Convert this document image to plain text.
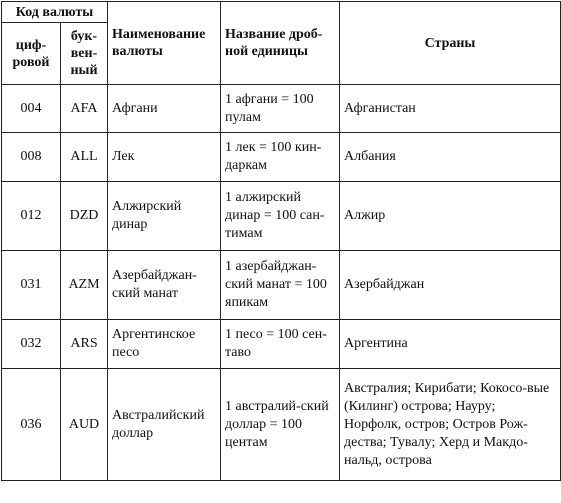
Код валюты		Наименование валюты	Название дроб-ной единицы	Страны
циф-ровой	бук-вен-ный			
004	AFA	Афгани	1 афгани = 100 пулам	Афганистан
008	ALL	Лек	1 лек = 100 кин-даркам	Албания
012	DZD	Алжирский динар	1 алжирский динар = 100 сан-тимам	Алжир
031	AZM	Азербайджан-ский манат	1 азербайджан-ский манат = 100 япикам	Азербайджан
032	ARS	Аргентинское песо	1 песо = 100 сен-таво	Аргентина
036	AUD	Австралийский доллар	1 австралий-ский доллар = 100 центам	Австралия; Кирибати; Кокосо-вые (Килинг) острова; Науру; Норфолк, остров; Остров Рож-дества; Тувалу; Херд и Макдо-нальд, острова
